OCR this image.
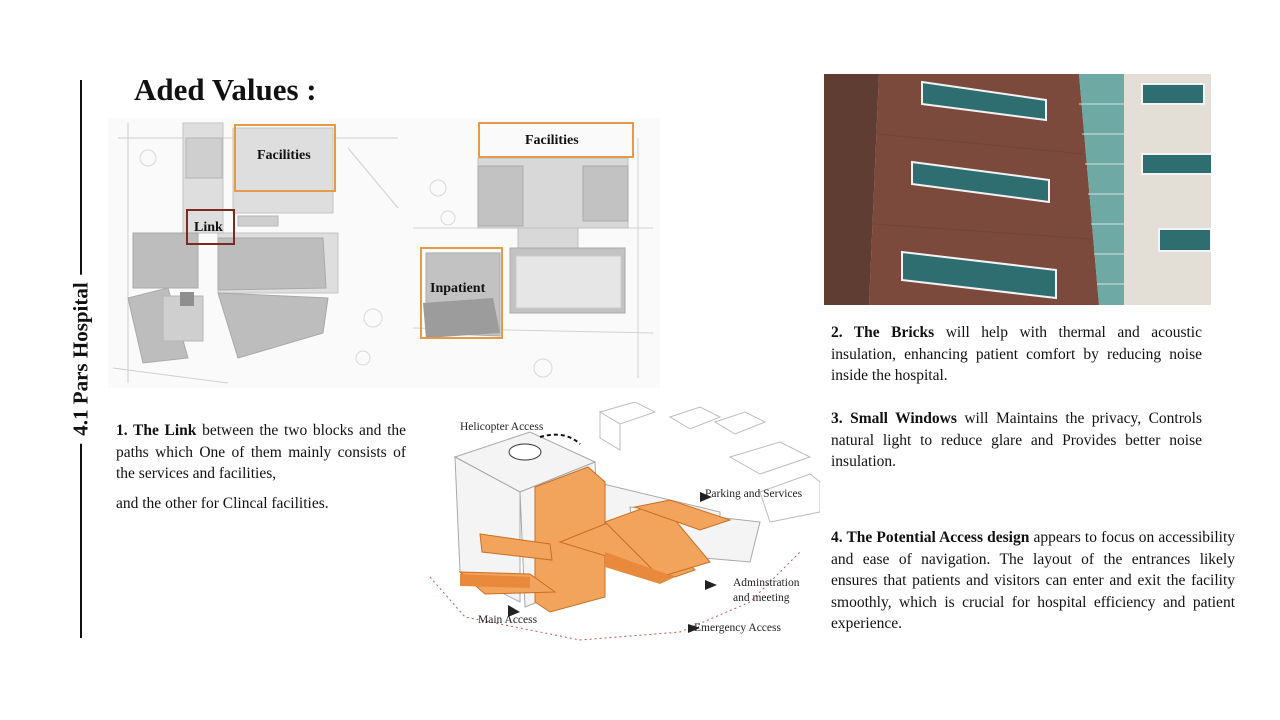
4.1 Pars Hospital
Aded Values :
Facilities
Link
Facilities
Inpatient
1. The Link between the two blocks and the paths which One of them mainly consists of the services and facilities,
and the other for Clincal facilities.
2. The Bricks will help with thermal and acoustic insulation, enhancing patient comfort by reducing noise inside the hospital.
3. Small Windows will Maintains the privacy, Controls natural light to reduce glare and Provides better noise insulation.
Helicopter Access
Parking and Services
Adminstration
and meeting
Main Access
Emergency Access
4. The Potential Access design appears to focus on accessibility and ease of navigation. The layout of the entrances likely ensures that patients and visitors can enter and exit the facility smoothly, which is crucial for hospital efficiency and patient experience.
